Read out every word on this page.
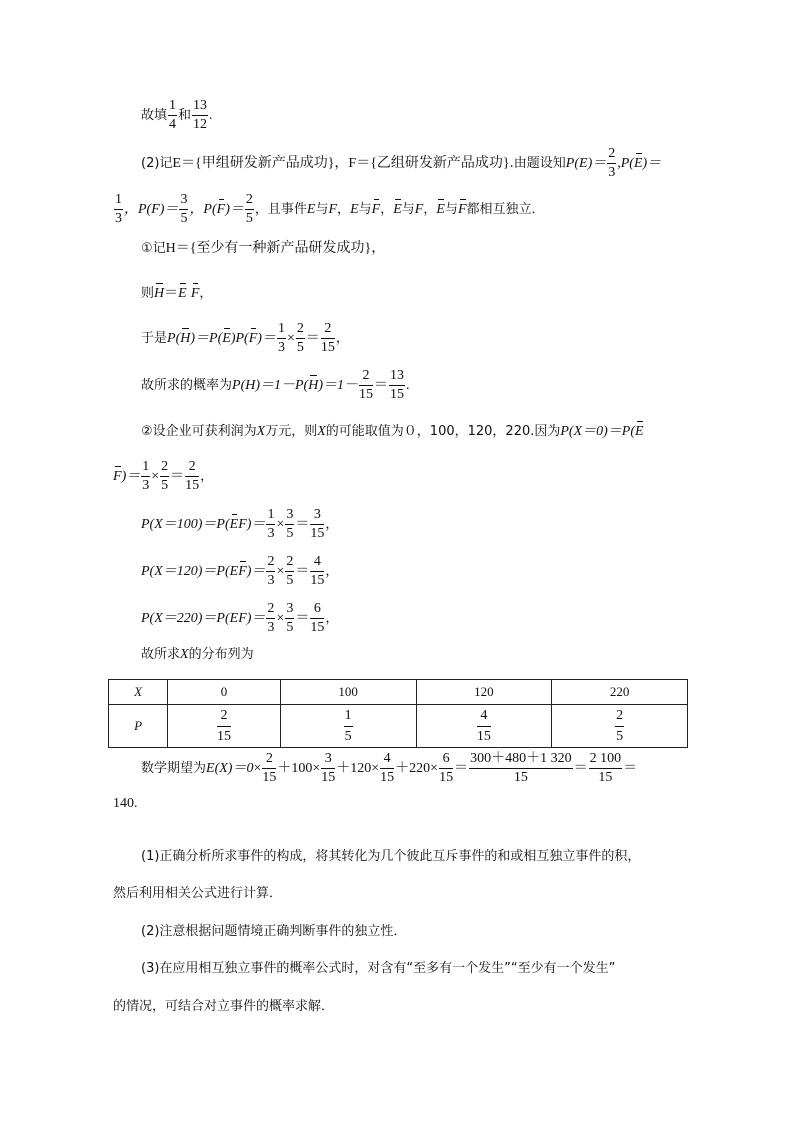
故填 $\frac{1}{4}$ 和 $\frac{13}{12}$ .
(2)记E＝{甲组研发新产品成功}，F＝{乙组研发新产品成功}.由题设知$P(E)= \frac{2}{3} ,P(E)=$
$\frac{1}{3}$ ，$P(F)= \frac{3}{5}$ ，$P(F)= \frac{2}{5}$ ，且事件E与F，E与F，E与F，E与F都相互独立．
①记H＝{至少有一种新产品研发成功}，
则H＝E F，
于是$P(H)=P(E)P(F)= \frac{1}{3} \times \frac{2}{5} = \frac{2}{15}$ ，
故所求的概率为$P(H)=1-P(H)=1- \frac{2}{15} = \frac{13}{15}$ .
②设企业可获利润为X万元，则X的可能取值为０，100，120，220.因为P(X＝0)＝P(E
$F)= \frac{1}{3} \times \frac{2}{5} = \frac{2}{15}$ ，
$P(X=100)=P(EF)= \frac{1}{3} \times \frac{3}{5} = \frac{3}{15}$ ，
$P(X=120)=P(EF)= \frac{2}{3} \times \frac{2}{5} = \frac{4}{15}$ ，
$P(X=220)=P(EF)= \frac{2}{3} \times \frac{3}{5} = \frac{6}{15}$ ，
故所求X的分布列为
X	0	100	120	220
P	$\frac{2}{15}$	$\frac{1}{5}$	$\frac{4}{15}$	$\frac{2}{5}$
数学期望为$E(X)=0\times \frac{2}{15} +100\times \frac{3}{15} +120\times \frac{4}{15} +220\times \frac{6}{15} = \frac{300+480+1 320}{15} = \frac{2 100}{15}$ ＝
140.
(1)正确分析所求事件的构成，将其转化为几个彼此互斥事件的和或相互独立事件的积，
然后利用相关公式进行计算．
(2)注意根据问题情境正确判断事件的独立性．
(3)在应用相互独立事件的概率公式时，对含有“至多有一个发生”“至少有一个发生”
的情况，可结合对立事件的概率求解．
